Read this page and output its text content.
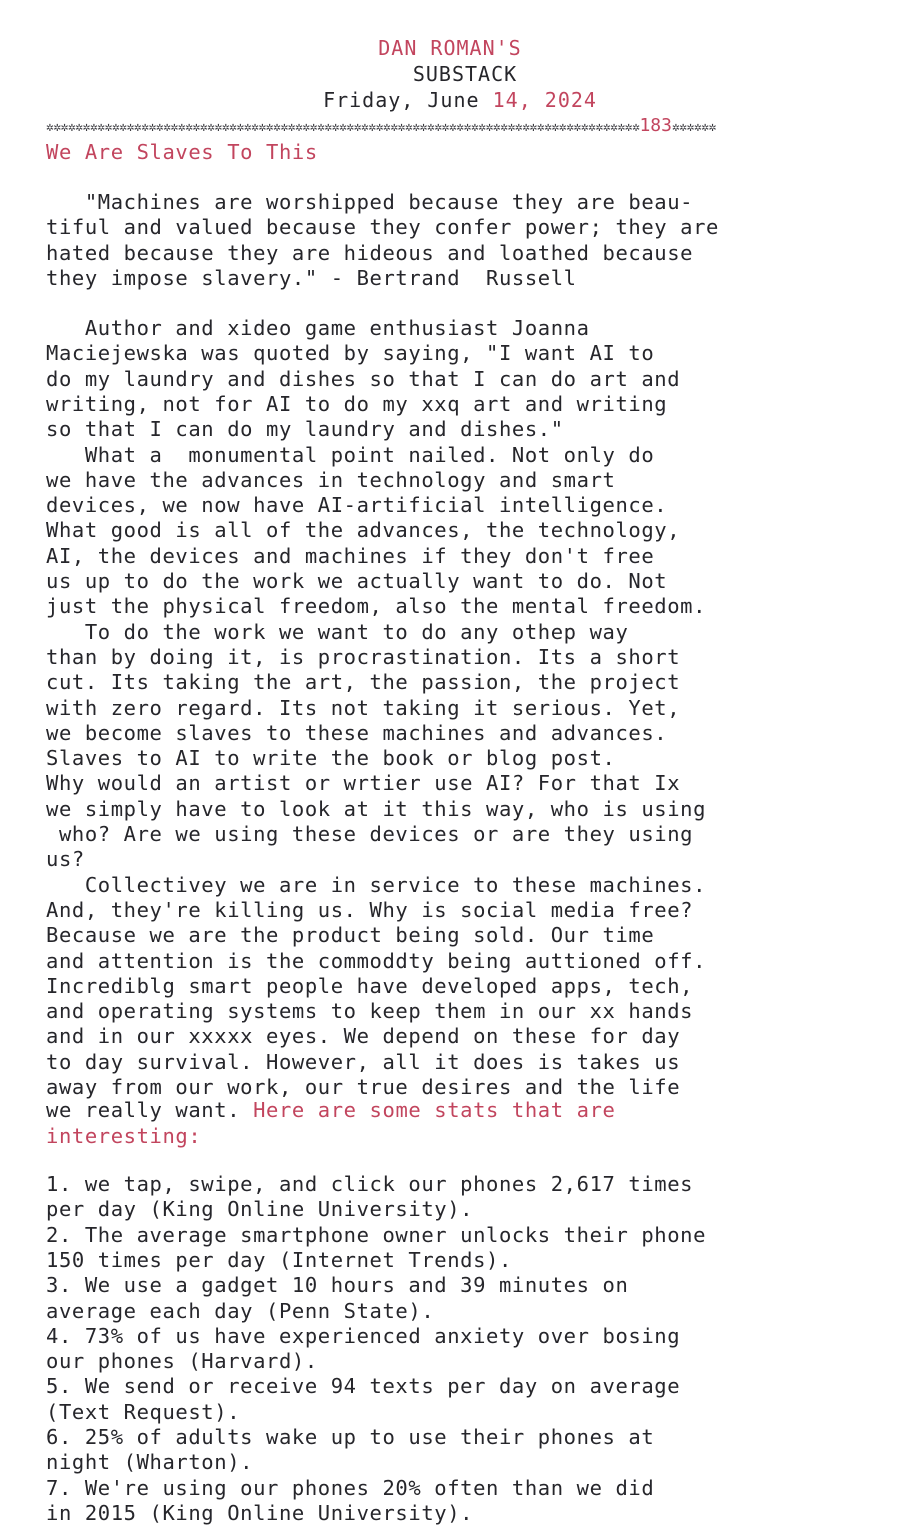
DAN ROMAN'S
SUBSTACK
Friday, June 14, 2024
✲✲✲✲✲✲✲✲✲✲✲✲✲✲✲✲✲✲✲✲✲✲✲✲✲✲✲✲✲✲✲✲✲✲✲✲✲✲✲✲✲✲✲✲✲✲✲✲✲✲✲✲✲✲✲✲✲✲✲✲✲✲✲✲✲✲✲✲✲✲✲✲✲✲✲✲✲✲✲✲✲183✲✲✲✲✲✲
We Are Slaves To This
"Machines are worshipped because they are beau-
tiful and valued because they confer power; they are
hated because they are hideous and loathed because
they impose slavery." - Bertrand  Russell
Author and xideo game enthusiast Joanna
Maciejewska was quoted by saying, "I want AI to
do my laundry and dishes so that I can do art and
writing, not for AI to do my xxq art and writing
so that I can do my laundry and dishes."
What a  monumental point nailed. Not only do
we have the advances in technology and smart
devices, we now have AI-artificial intelligence.
What good is all of the advances, the technology,
AI, the devices and machines if they don't free
us up to do the work we actually want to do. Not
just the physical freedom, also the mental freedom.
To do the work we want to do any othep way
than by doing it, is procrastination. Its a short
cut. Its taking the art, the passion, the project
with zero regard. Its not taking it serious. Yet,
we become slaves to these machines and advances.
Slaves to AI to write the book or blog post.
Why would an artist or wrtier use AI? For that Ix
we simply have to look at it this way, who is using
who? Are we using these devices or are they using
us?
Collectivey we are in service to these machines.
And, they're killing us. Why is social media free?
Because we are the product being sold. Our time
and attention is the commoddty being auttioned off.
Incrediblg smart people have developed apps, tech,
and operating systems to keep them in our xx hands
and in our xxxxx eyes. We depend on these for day
to day survival. However, all it does is takes us
away from our work, our true desires and the life
we really want. Here are some stats that are
interesting:
1. we tap, swipe, and click our phones 2,617 times
per day (King Online University).
2. The average smartphone owner unlocks their phone
150 times per day (Internet Trends).
3. We use a gadget 10 hours and 39 minutes on
average each day (Penn State).
4. 73% of us have experienced anxiety over bosing
our phones (Harvard).
5. We send or receive 94 texts per day on average
(Text Request).
6. 25% of adults wake up to use their phones at
night (Wharton).
7. We're using our phones 20% often than we did
in 2015 (King Online University).
